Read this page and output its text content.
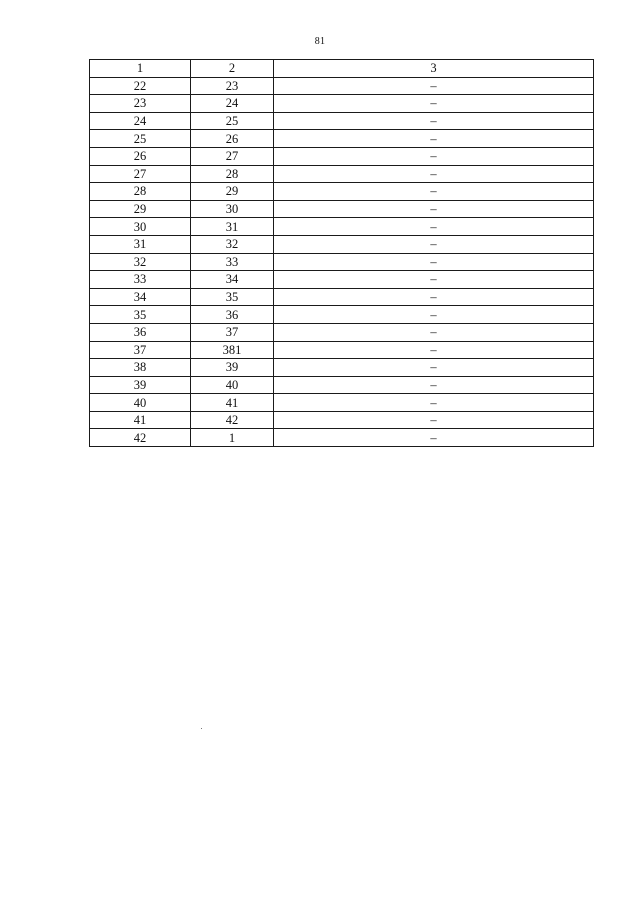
81
1	2	3
22	23	–
23	24	–
24	25	–
25	26	–
26	27	–
27	28	–
28	29	–
29	30	–
30	31	–
31	32	–
32	33	–
33	34	–
34	35	–
35	36	–
36	37	–
37	381	–
38	39	–
39	40	–
40	41	–
41	42	–
42	1	–
